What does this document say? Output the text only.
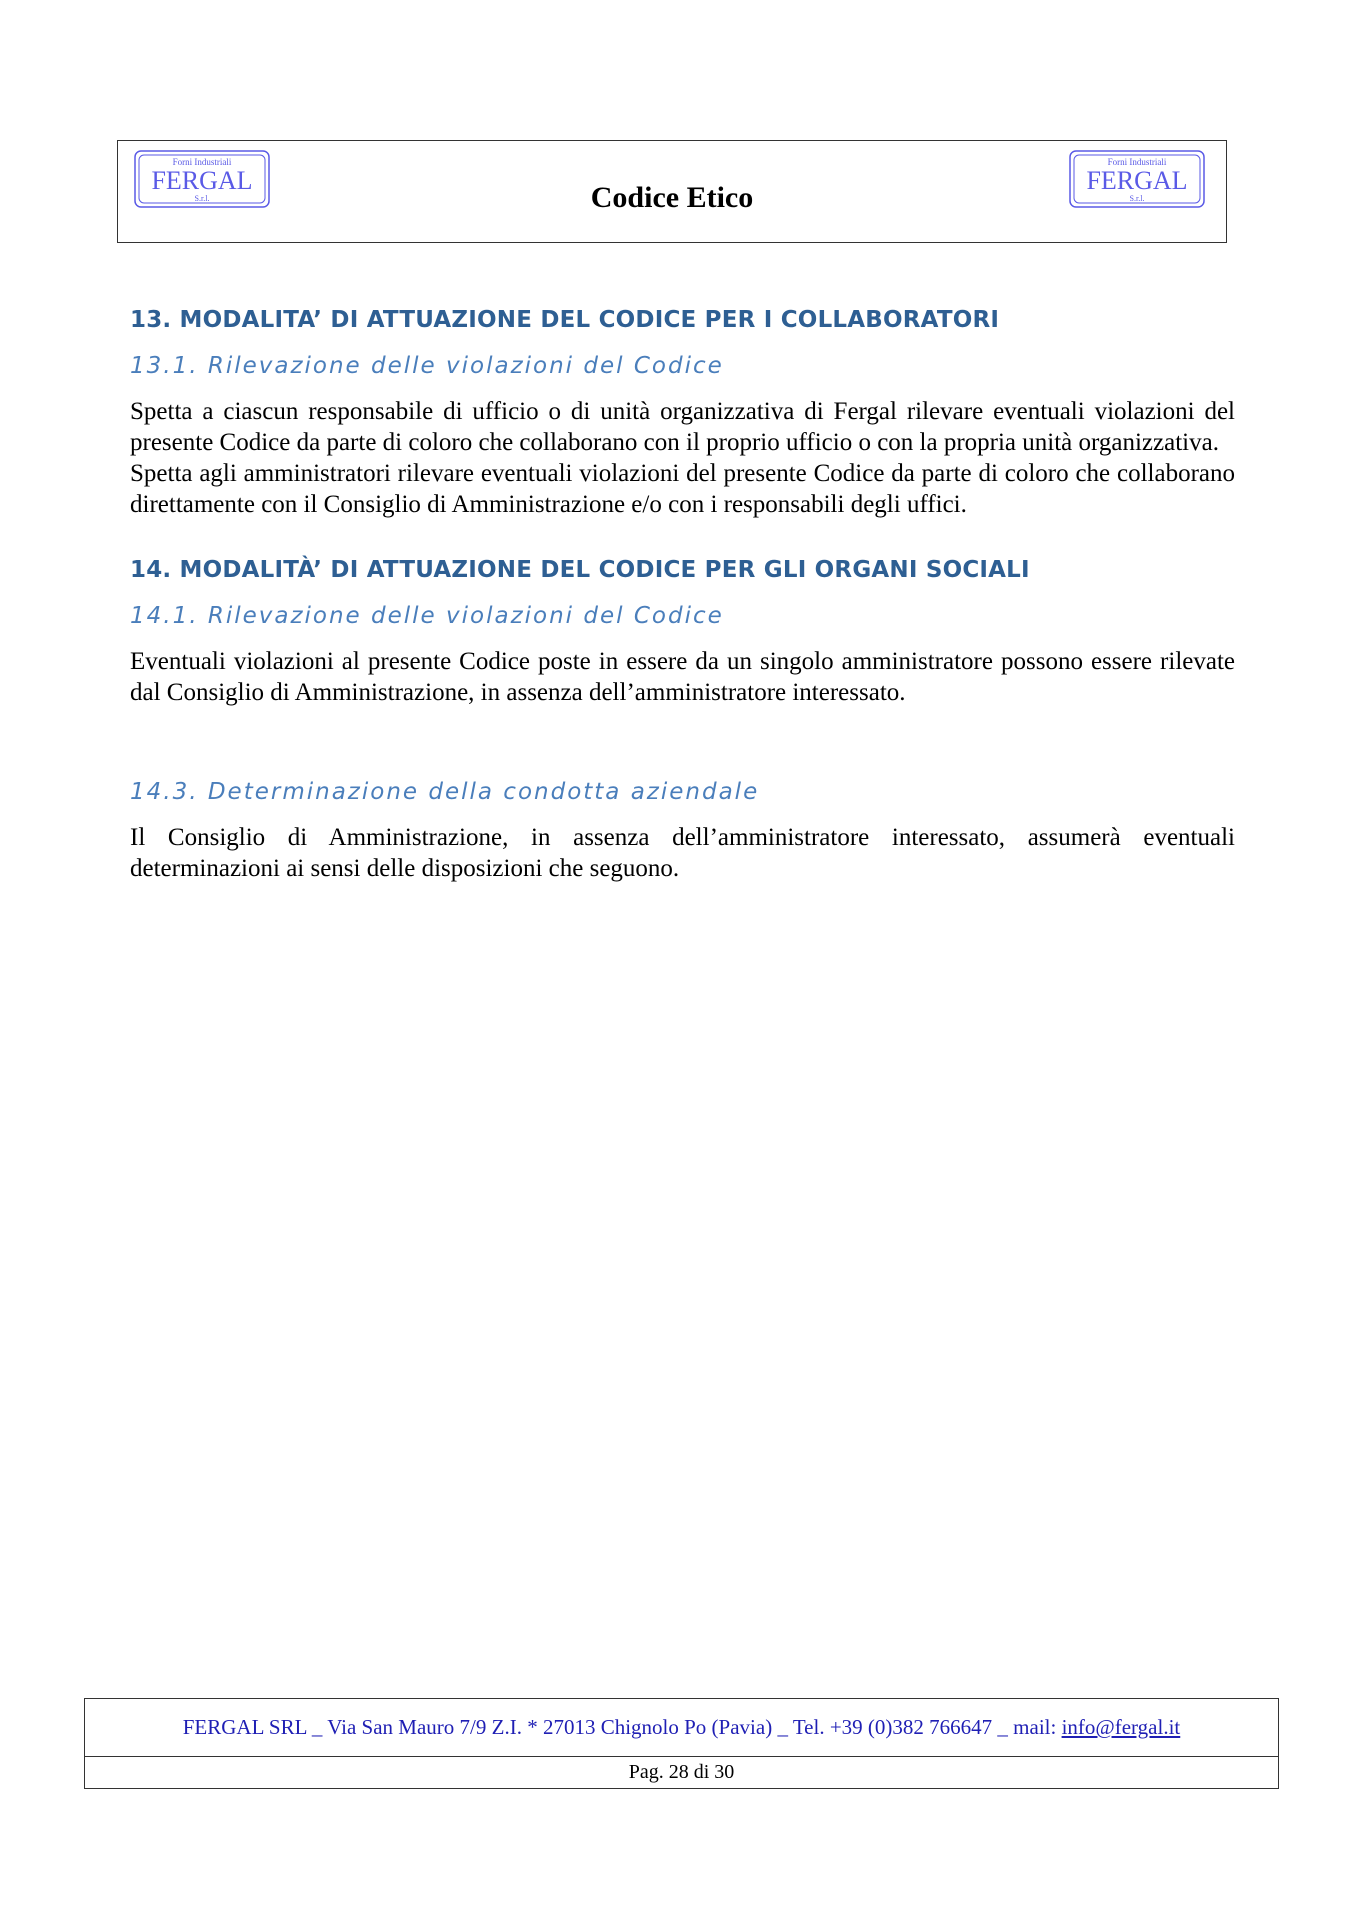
Forni Industriali
FERGAL
S.r.l.	Codice Etico
Forni Industriali
FERGAL
S.r.l.
13. MODALITA’ DI ATTUAZIONE DEL CODICE PER I COLLABORATORI
13.1. Rilevazione delle violazioni del Codice

Spetta a ciascun responsabile di ufficio o di unità organizzativa di Fergal rilevare eventuali violazioni del presente Codice da parte di coloro che collaborano con il proprio ufficio o con la propria unità organizzativa.

Spetta agli amministratori rilevare eventuali violazioni del presente Codice da parte di coloro che collaborano direttamente con il Consiglio di Amministrazione e/o con i responsabili degli uffici.

14. MODALITÀ’ DI ATTUAZIONE DEL CODICE PER GLI ORGANI SOCIALI
14.1. Rilevazione delle violazioni del Codice

Eventuali violazioni al presente Codice poste in essere da un singolo amministratore possono essere rilevate dal Consiglio di Amministrazione, in assenza dell’amministratore interessato.

14.3. Determinazione della condotta aziendale

Il Consiglio di Amministrazione, in assenza dell’amministratore interessato, assumerà eventuali determinazioni ai sensi delle disposizioni che seguono.

FERGAL SRL _ Via San Mauro 7/9 Z.I. * 27013 Chignolo Po (Pavia) _ Tel. +39 (0)382 766647 _ mail: info@fergal.it
Pag. 28 di 30
